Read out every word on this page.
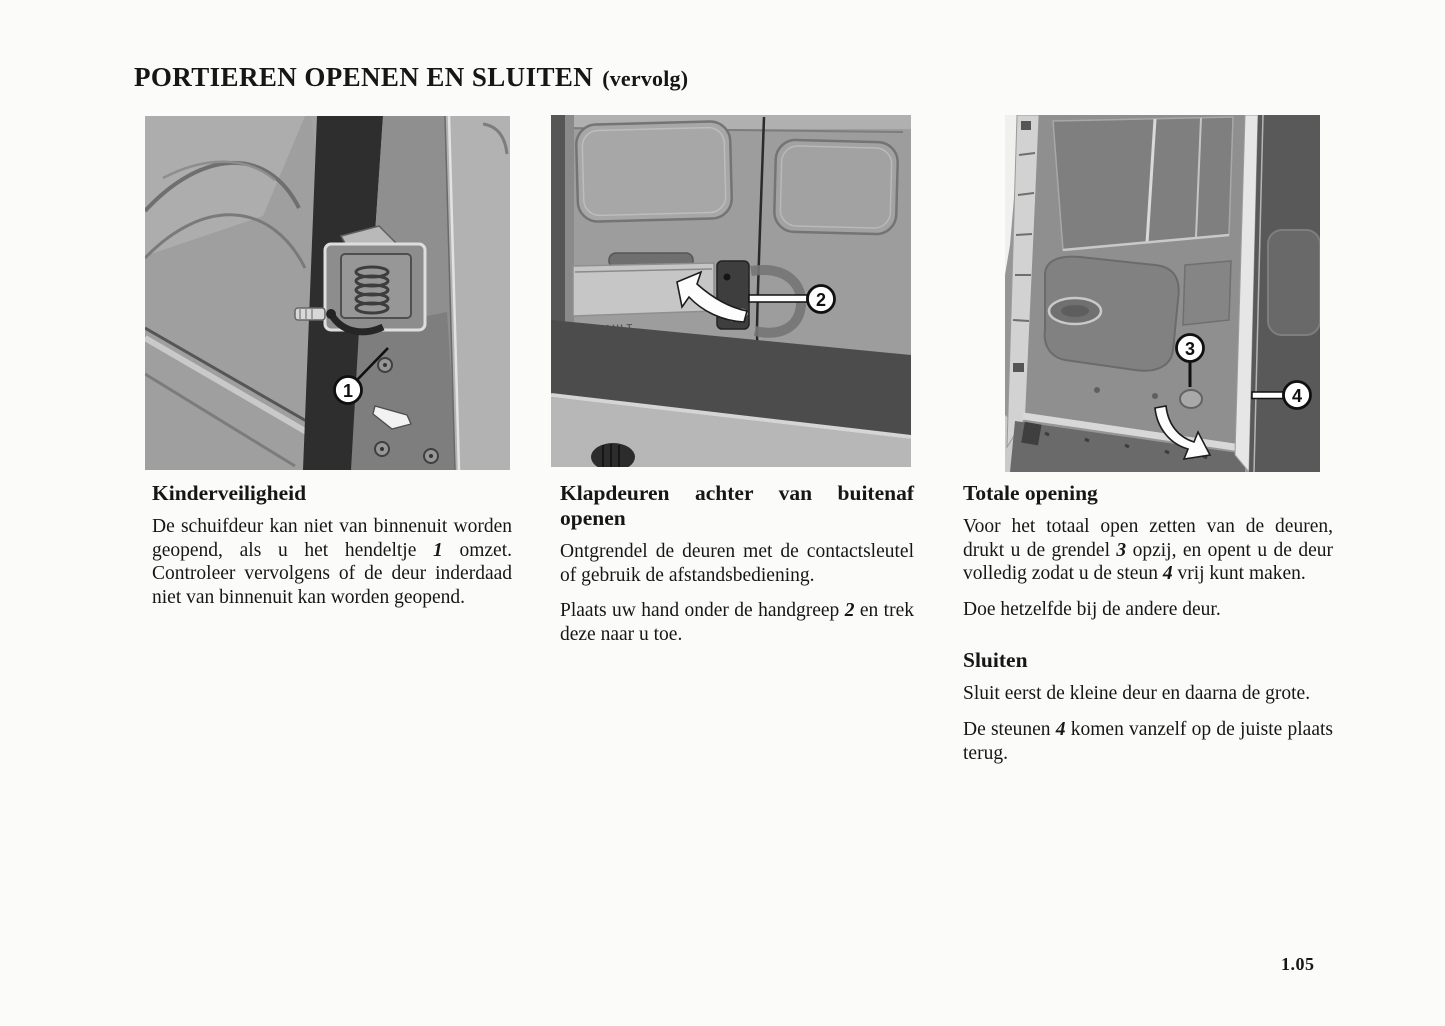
PORTIEREN OPENEN EN SLUITEN (vervolg)
1
2
3
4
Kinderveiligheid

De schuifdeur kan niet van binnenuit worden geopend, als u het hendeltje 1 omzet. Controleer vervolgens of de deur inderdaad niet van binnenuit kan worden geopend.

Klapdeuren achter van buitenaf openen

Ontgrendel de deuren met de contactsleutel of gebruik de afstandsbediening.

Plaats uw hand onder de handgreep 2 en trek deze naar u toe.

Totale opening

Voor het totaal open zetten van de deuren, drukt u de grendel 3 opzij, en opent u de deur volledig zodat u de steun 4 vrij kunt maken.

Doe hetzelfde bij de andere deur.

Sluiten

Sluit eerst de kleine deur en daarna de grote.

De steunen 4 komen vanzelf op de juiste plaats terug.

1.05
